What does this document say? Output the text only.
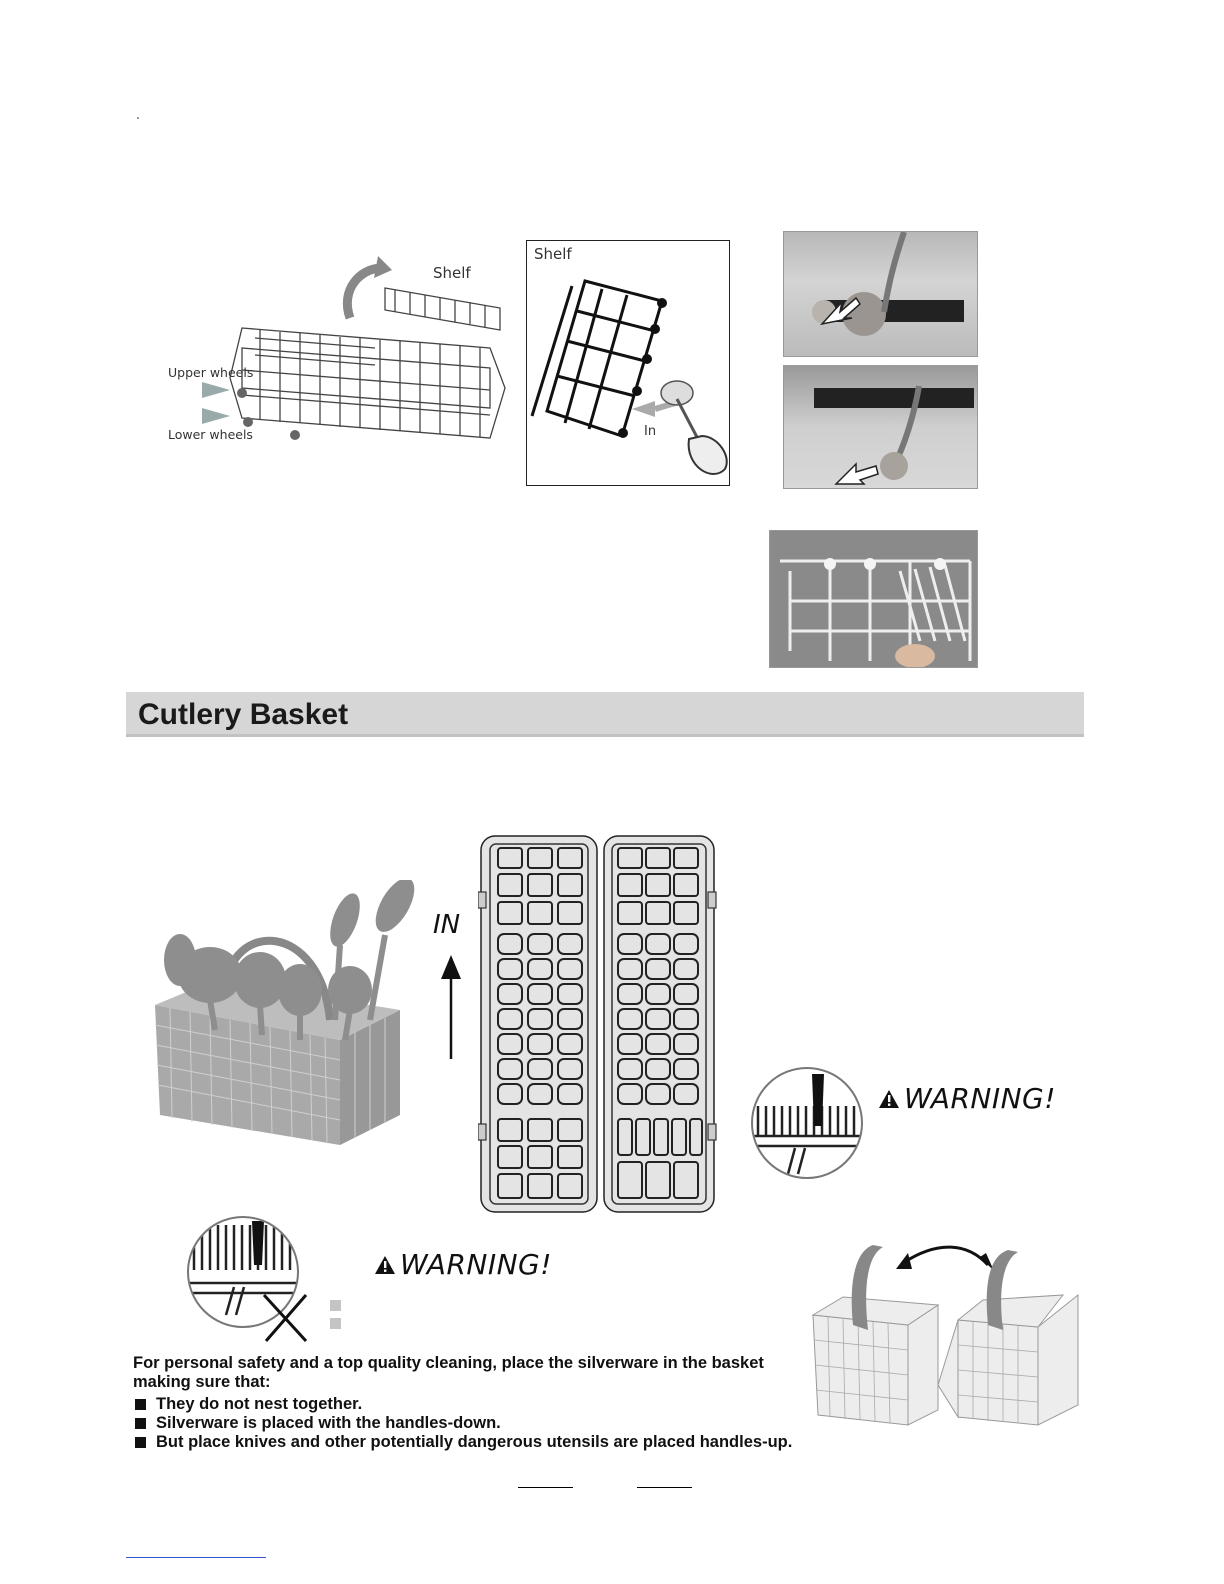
Shelf
Upper wheels
Lower wheels
Shelf
In
Cutlery Basket
IN
WARNING!
WARNING!
For personal safety and a top quality cleaning, place the silverware in the basket making sure that:
They do not nest together.
Silverware is placed with the handles-down.
But place knives and other potentially dangerous utensils are placed handles-up.
